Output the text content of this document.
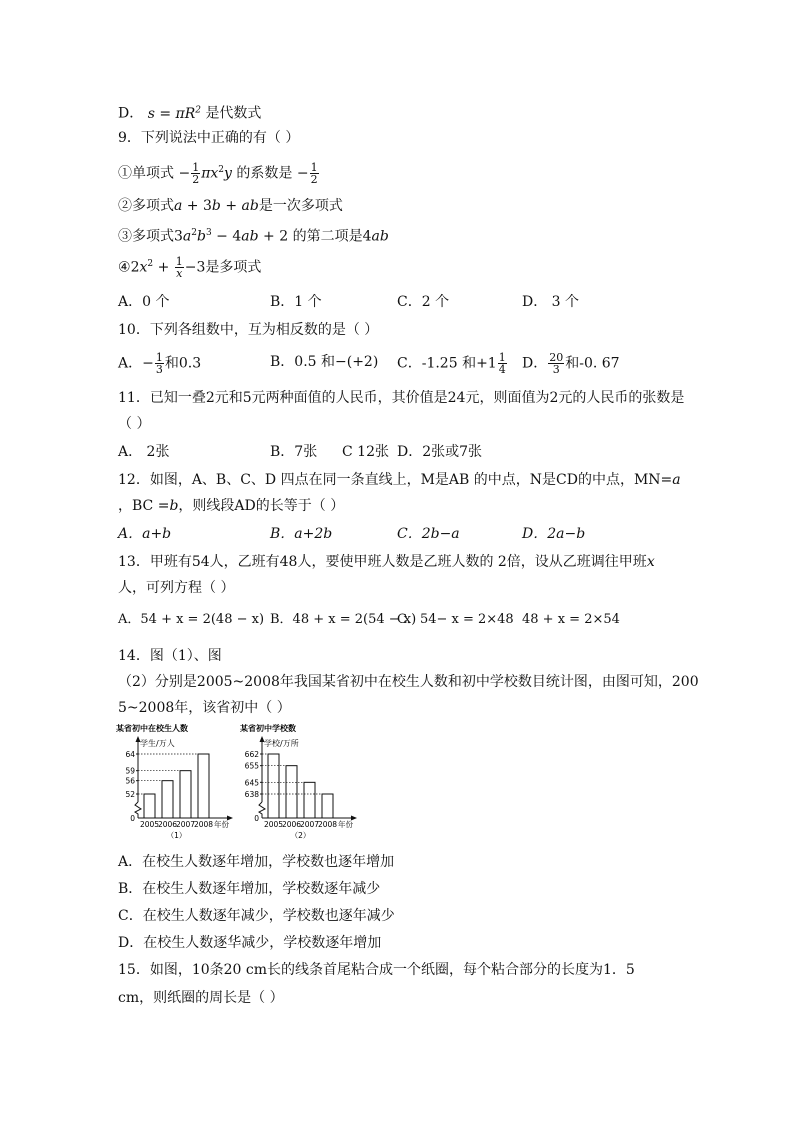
D． $s = \pi R^2$ 是代数式
9．下列说法中正确的有（ ）
①单项式 − $\frac{1}{2} \pi x^2y$ 的系数是 − $\frac{1}{2}$
②多项式a + 3b + ab是一次多项式
③多项式$3a^2b^3 - 4ab + 2$ 的第二项是4ab
$④2x^2 + \frac{1}{x} -3$是多项式
A．0 个	B．1 个	C．2 个	D． 3 个
10．下列各组数中，互为相反数的是（ ）
A．− $\frac{1}{3}$ 和0.3	B．0.5 和−(+2) C．-1.25 和$+1 \frac{1}{4}$ D． $\frac{20}{3}$ 和-0. 67
11．已知一叠2元和5元两种面值的人民币，其价值是24元，则面值为2元的人民币的张数是
（ ）
A． 2张	B．7张 C 12张 D．2张或7张
12．如图，A、B、C、D 四点在同一条直线上，M是AB 的中点，N是CD的中点，MN=a
，BC =b，则线段AD的长等于（ ）
A．a+b	B．a+2b	C．2b−a	D．2a−b
13．甲班有54人，乙班有48人，要使甲班人数是乙班人数的 2倍，设从乙班调往甲班x
人，可列方程（ ）
A．54 + x = 2(48 − x) B．48 + x = 2(54 − x)
C．54− x = 2×48 48 + x = 2×54
14．图（1）、图
（2）分别是2005~2008年我国某省初中在校生人数和初中学校数目统计图，由图可知，200
5~2008年，该省初中（ ）
某省初中在校生人数
学生/万人
0
52
56
59
64
2005
2006
2007
2008 年份
（1）
某省初中学校数
学校/万所
0
638
645
655
662
2005
2006
2007
2008 年份
（2）
A．在校生人数逐年增加，学校数也逐年增加
B．在校生人数逐年增加，学校数逐年减少
C．在校生人数逐年减少，学校数也逐年减少
D．在校生人数逐华减少，学校数逐年增加
15．如图，10条20 cm长的线条首尾粘合成一个纸圈，每个粘合部分的长度为1．5
cm，则纸圈的周长是（ ）
